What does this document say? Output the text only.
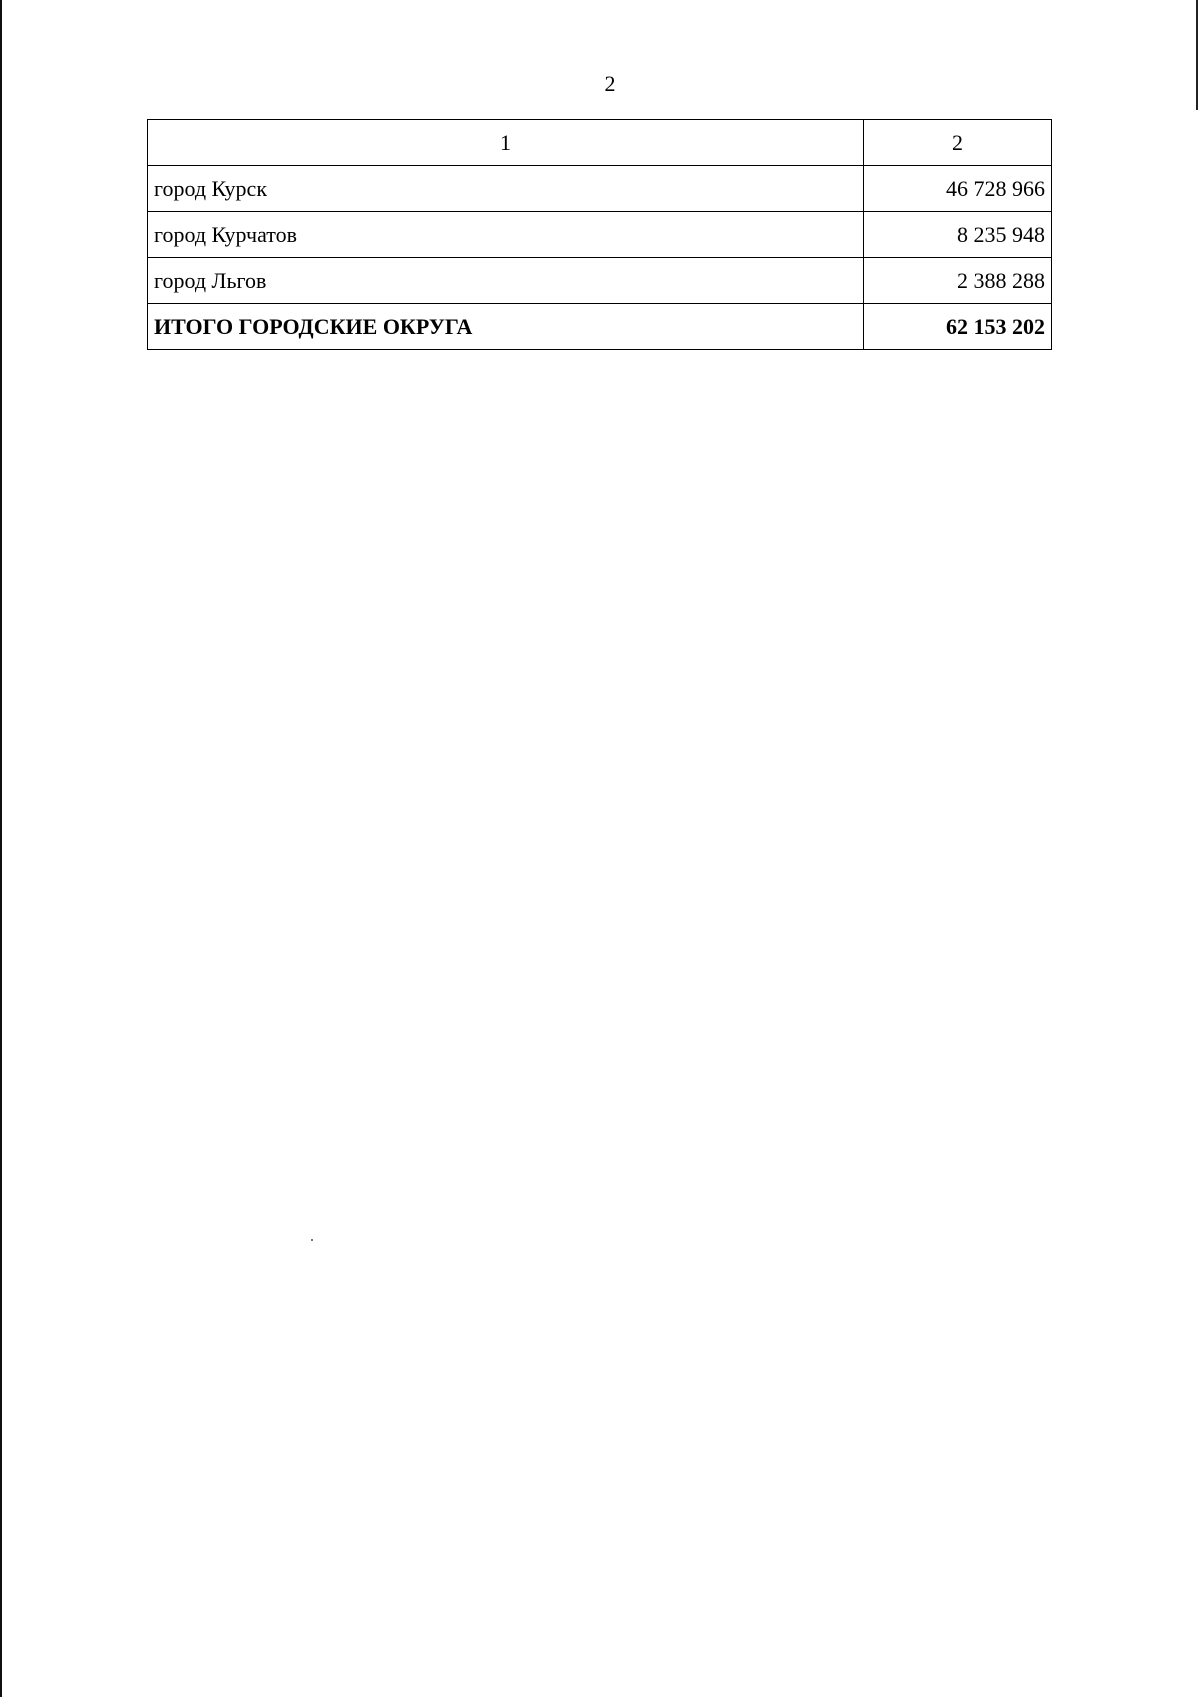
2
1	2
город Курск	46 728 966
город Курчатов	8 235 948
город Льгов	2 388 288
ИТОГО ГОРОДСКИЕ ОКРУГА	62 153 202
